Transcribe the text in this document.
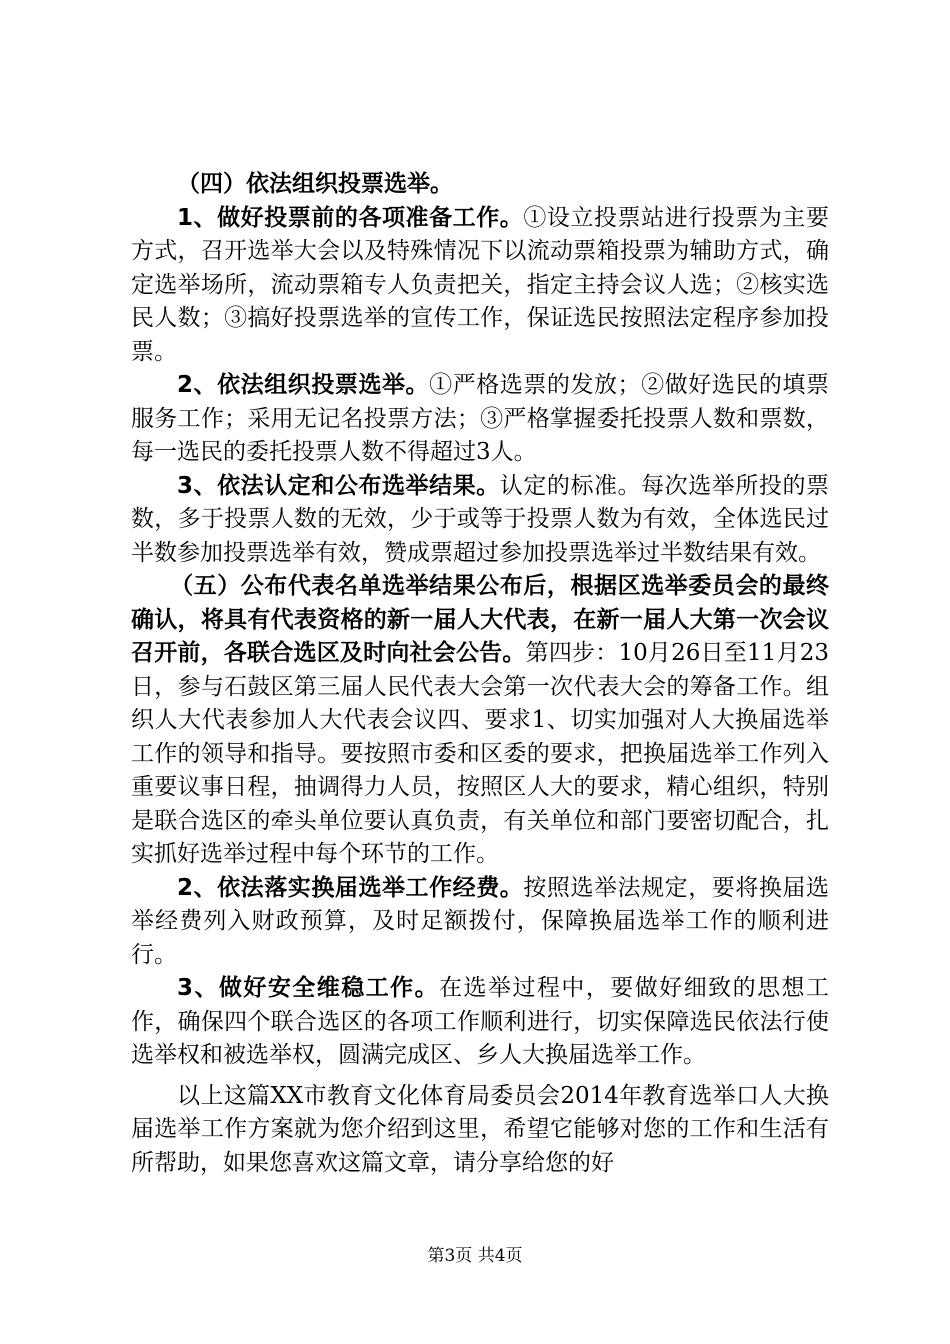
（四）依法组织投票选举。

1、做好投票前的各项准备工作。①设立投票站进行投票为主要方式，召开选举大会以及特殊情况下以流动票箱投票为辅助方式，确定选举场所，流动票箱专人负责把关，指定主持会议人选；②核实选民人数；③搞好投票选举的宣传工作，保证选民按照法定程序参加投票。

2、依法组织投票选举。①严格选票的发放；②做好选民的填票服务工作；采用无记名投票方法；③严格掌握委托投票人数和票数，每一选民的委托投票人数不得超过3人。

3、依法认定和公布选举结果。认定的标准。每次选举所投的票数，多于投票人数的无效，少于或等于投票人数为有效，全体选民过半数参加投票选举有效，赞成票超过参加投票选举过半数结果有效。

（五）公布代表名单选举结果公布后，根据区选举委员会的最终确认，将具有代表资格的新一届人大代表，在新一届人大第一次会议召开前，各联合选区及时向社会公告。第四步：10月26日至11月23日，参与石鼓区第三届人民代表大会第一次代表大会的筹备工作。组织人大代表参加人大代表会议四、要求1、切实加强对人大换届选举工作的领导和指导。要按照市委和区委的要求，把换届选举工作列入重要议事日程，抽调得力人员，按照区人大的要求，精心组织，特别是联合选区的牵头单位要认真负责，有关单位和部门要密切配合，扎实抓好选举过程中每个环节的工作。

2、依法落实换届选举工作经费。按照选举法规定，要将换届选举经费列入财政预算，及时足额拨付，保障换届选举工作的顺利进行。

3、做好安全维稳工作。在选举过程中，要做好细致的思想工作，确保四个联合选区的各项工作顺利进行，切实保障选民依法行使选举权和被选举权，圆满完成区、乡人大换届选举工作。

以上这篇XX市教育文化体育局委员会2014年教育选举口人大换届选举工作方案就为您介绍到这里，希望它能够对您的工作和生活有所帮助，如果您喜欢这篇文章，请分享给您的好

第3页 共4页
